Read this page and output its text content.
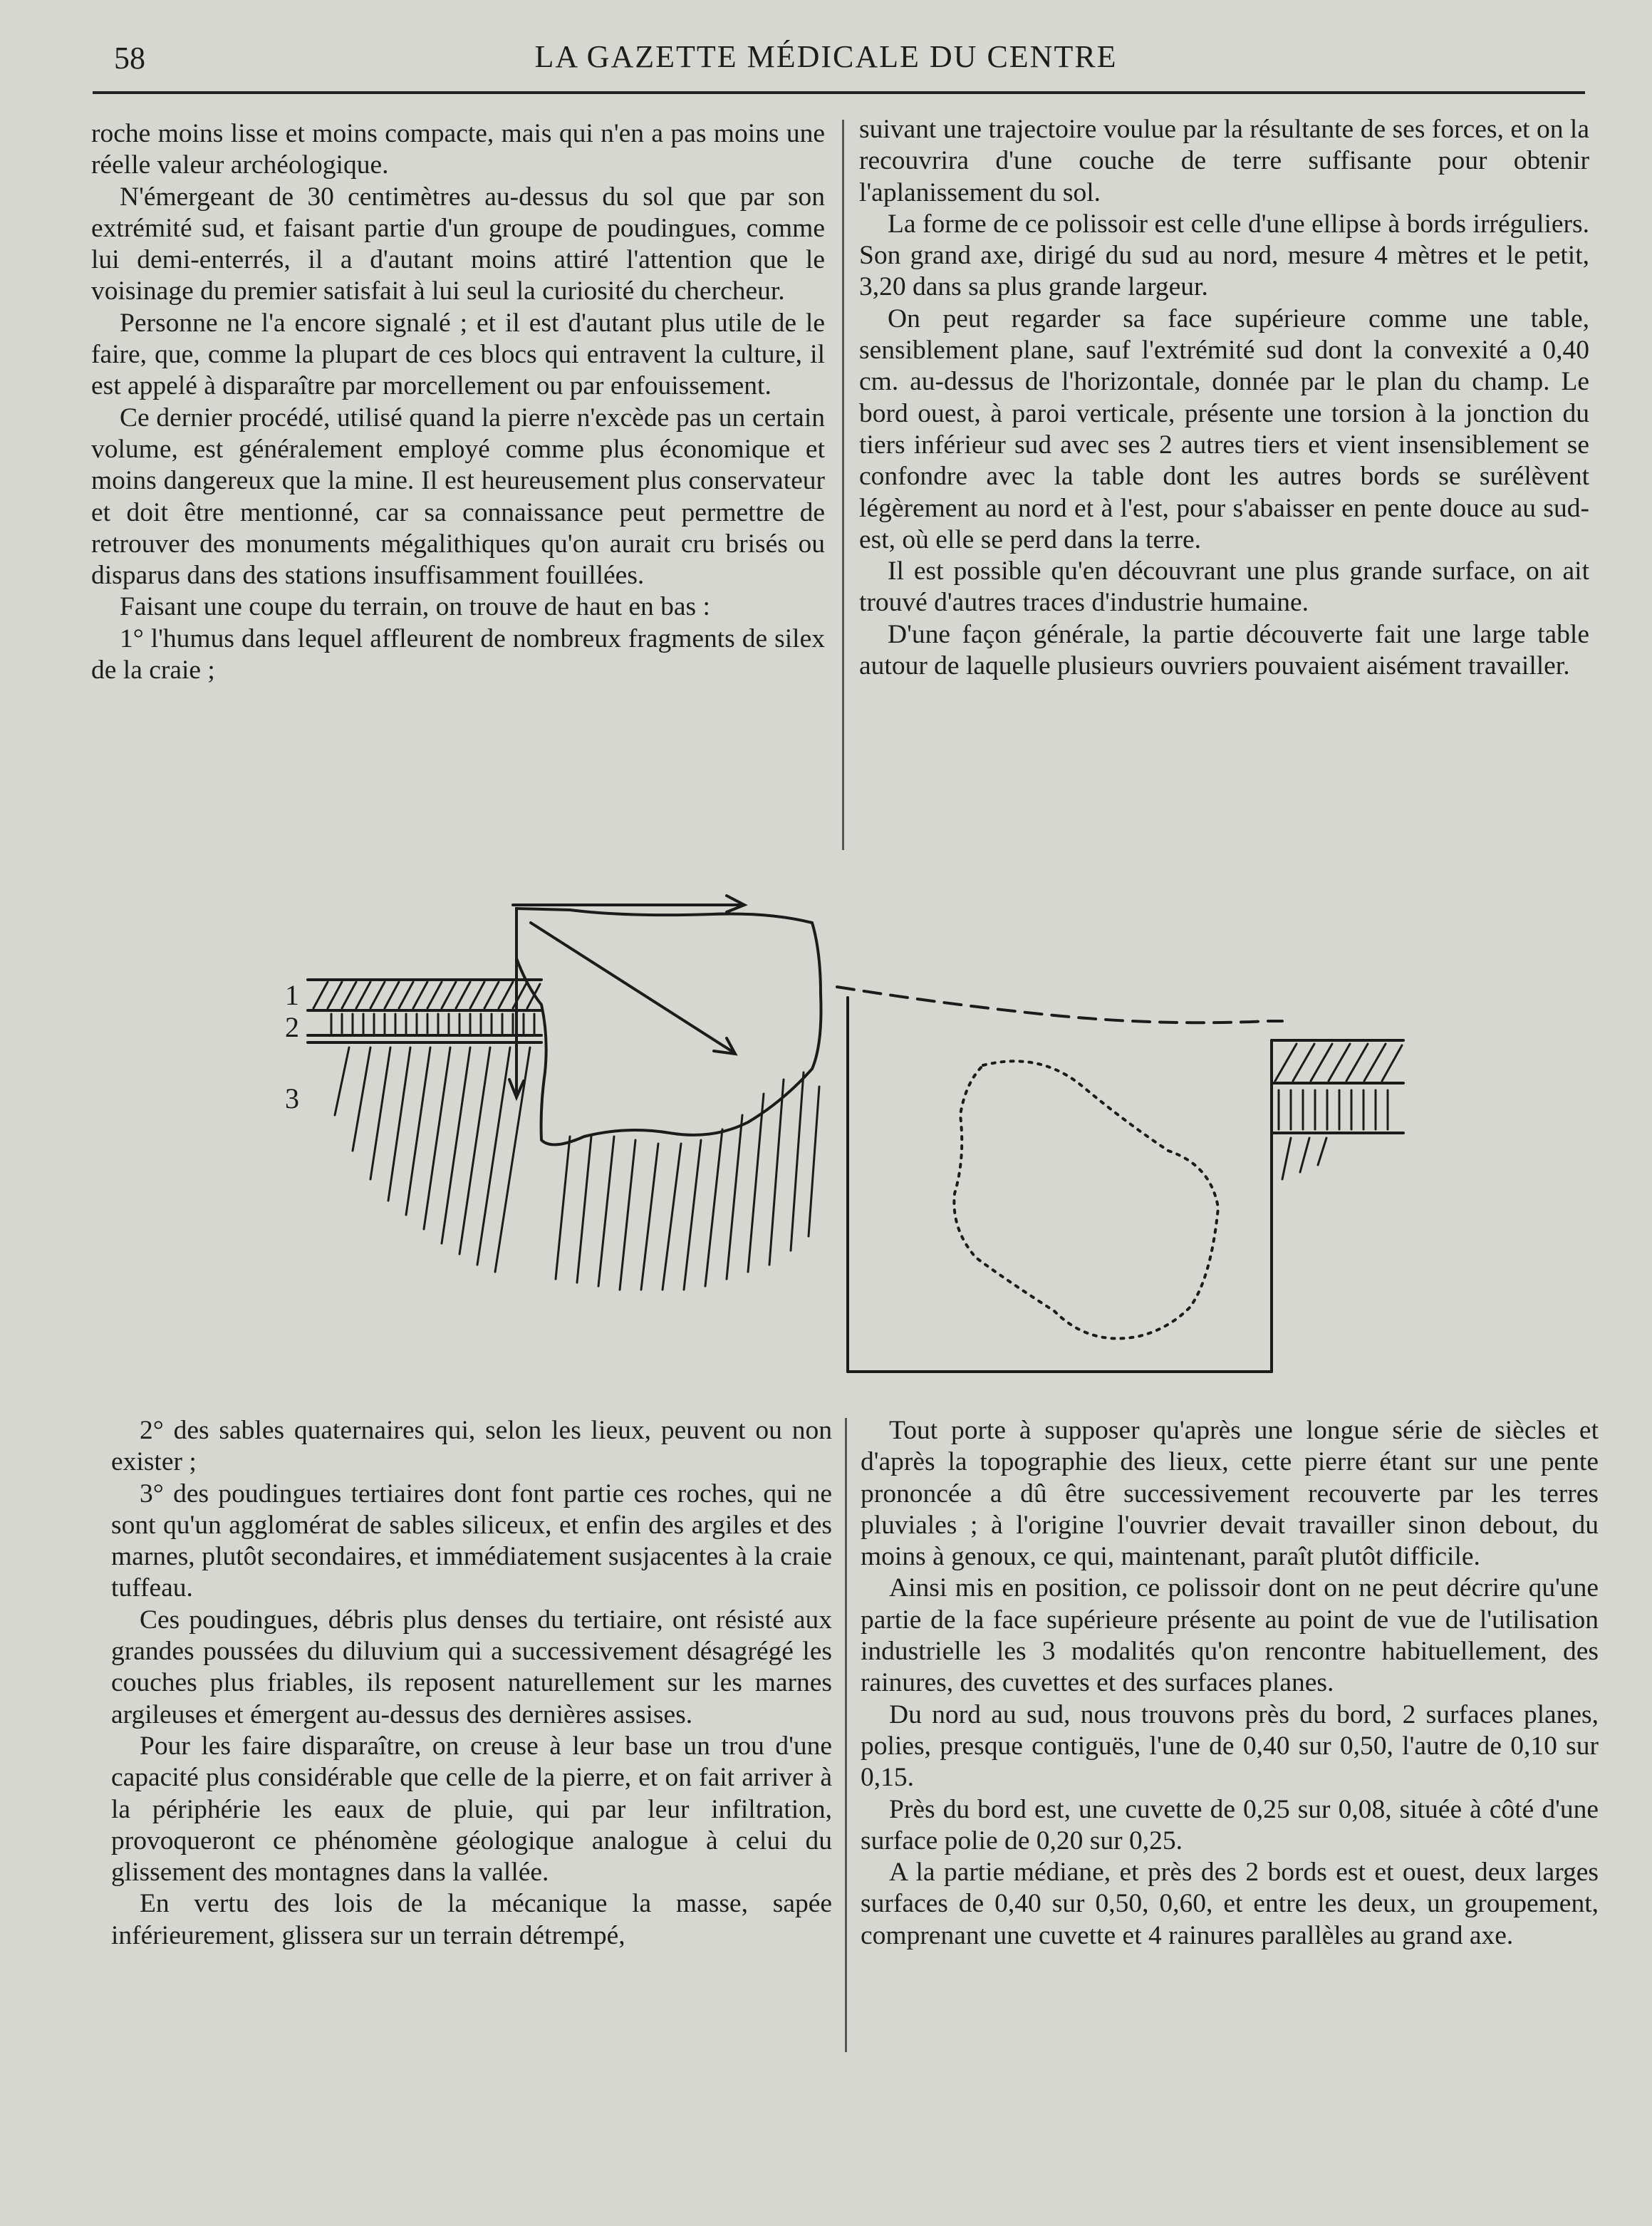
58	LA GAZETTE MÉDICALE DU CENTRE

roche moins lisse et moins compacte, mais qui n'en a pas moins une réelle valeur archéologique.

N'émergeant de 30 centimètres au-dessus du sol que par son extrémité sud, et faisant partie d'un groupe de poudingues, comme lui demi-enterrés, il a d'autant moins attiré l'attention que le voisinage du premier satisfait à lui seul la curiosité du chercheur.

Personne ne l'a encore signalé ; et il est d'autant plus utile de le faire, que, comme la plupart de ces blocs qui entravent la culture, il est appelé à disparaître par morcellement ou par enfouissement.

Ce dernier procédé, utilisé quand la pierre n'excède pas un certain volume, est généralement employé comme plus économique et moins dangereux que la mine. Il est heureusement plus conservateur et doit être mentionné, car sa connaissance peut permettre de retrouver des monuments mégalithiques qu'on aurait cru brisés ou disparus dans des stations insuffisamment fouillées.

Faisant une coupe du terrain, on trouve de haut en bas :

1° l'humus dans lequel affleurent de nombreux fragments de silex de la craie ;

suivant une trajectoire voulue par la résultante de ses forces, et on la recouvrira d'une couche de terre suffisante pour obtenir l'aplanissement du sol.

La forme de ce polissoir est celle d'une ellipse à bords irréguliers. Son grand axe, dirigé du sud au nord, mesure 4 mètres et le petit, 3,20 dans sa plus grande largeur.

On peut regarder sa face supérieure comme une table, sensiblement plane, sauf l'extrémité sud dont la convexité a 0,40 cm. au-dessus de l'horizontale, donnée par le plan du champ. Le bord ouest, à paroi verticale, présente une torsion à la jonction du tiers inférieur sud avec ses 2 autres tiers et vient insensiblement se confondre avec la table dont les autres bords se surélèvent légèrement au nord et à l'est, pour s'abaisser en pente douce au sud-est, où elle se perd dans la terre.

Il est possible qu'en découvrant une plus grande surface, on ait trouvé d'autres traces d'industrie humaine.

D'une façon générale, la partie découverte fait une large table autour de laquelle plusieurs ouvriers pouvaient aisément travailler.

1
2
3

2° des sables quaternaires qui, selon les lieux, peuvent ou non exister ;

3° des poudingues tertiaires dont font partie ces roches, qui ne sont qu'un agglomérat de sables siliceux, et enfin des argiles et des marnes, plutôt secondaires, et immédiatement susjacentes à la craie tuffeau.

Ces poudingues, débris plus denses du tertiaire, ont résisté aux grandes poussées du diluvium qui a successivement désagrégé les couches plus friables, ils reposent naturellement sur les marnes argileuses et émergent au-dessus des dernières assises.

Pour les faire disparaître, on creuse à leur base un trou d'une capacité plus considérable que celle de la pierre, et on fait arriver à la périphérie les eaux de pluie, qui par leur infiltration, provoqueront ce phénomène géologique analogue à celui du glissement des montagnes dans la vallée.

En vertu des lois de la mécanique la masse, sapée inférieurement, glissera sur un terrain détrempé,

Tout porte à supposer qu'après une longue série de siècles et d'après la topographie des lieux, cette pierre étant sur une pente prononcée a dû être successivement recouverte par les terres pluviales ; à l'origine l'ouvrier devait travailler sinon debout, du moins à genoux, ce qui, maintenant, paraît plutôt difficile.

Ainsi mis en position, ce polissoir dont on ne peut décrire qu'une partie de la face supérieure présente au point de vue de l'utilisation industrielle les 3 modalités qu'on rencontre habituellement, des rainures, des cuvettes et des surfaces planes.

Du nord au sud, nous trouvons près du bord, 2 surfaces planes, polies, presque contiguës, l'une de 0,40 sur 0,50, l'autre de 0,10 sur 0,15.

Près du bord est, une cuvette de 0,25 sur 0,08, située à côté d'une surface polie de 0,20 sur 0,25.

A la partie médiane, et près des 2 bords est et ouest, deux larges surfaces de 0,40 sur 0,50, 0,60, et entre les deux, un groupement, comprenant une cuvette et 4 rainures parallèles au grand axe.
